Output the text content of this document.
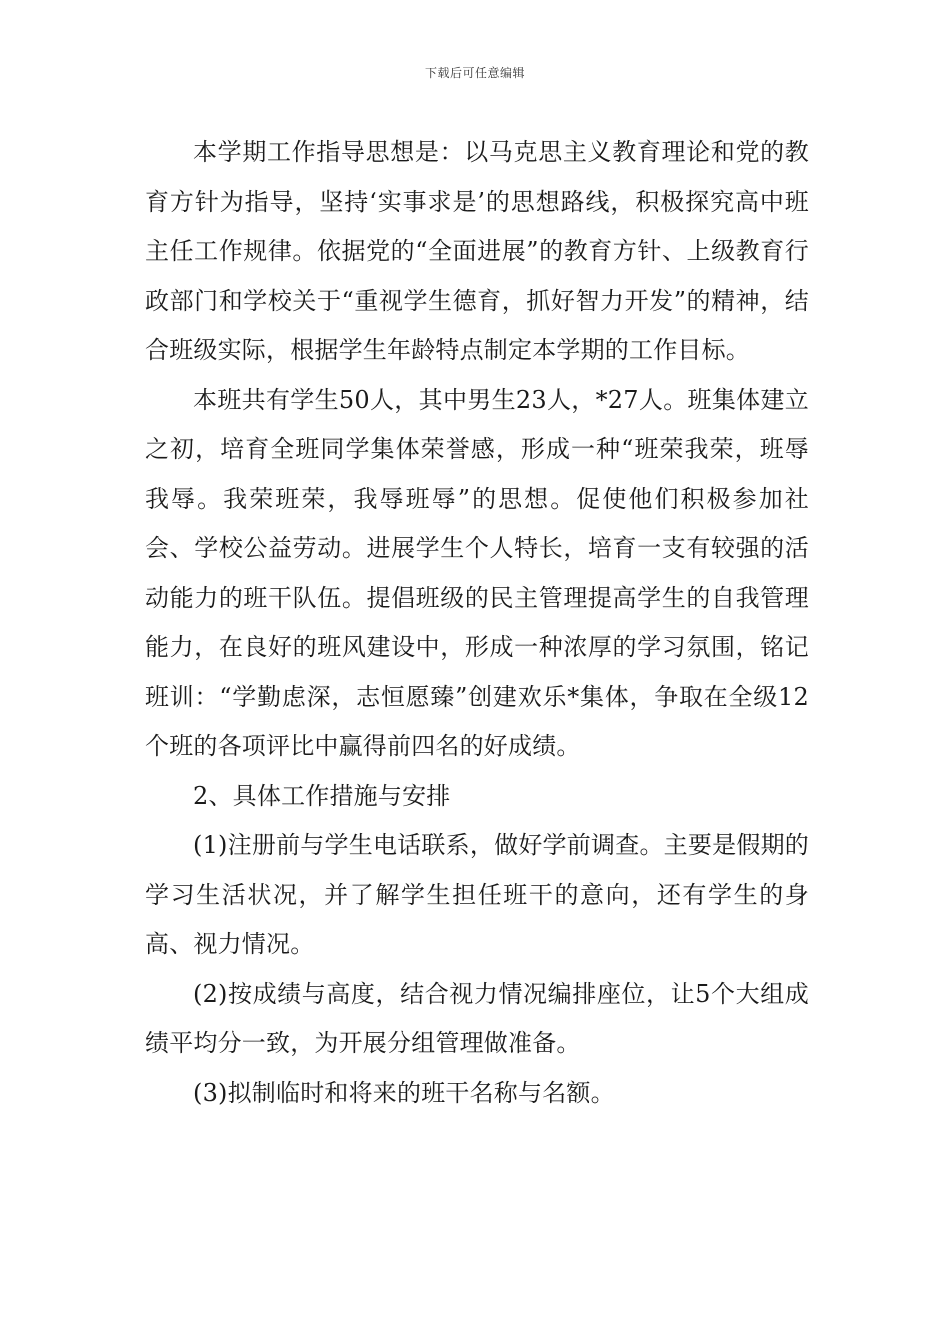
下载后可任意编辑

本学期工作指导思想是：以马克思主义教育理论和党的教育方针为指导，坚持‘实事求是’的思想路线，积极探究高中班主任工作规律。依据党的“全面进展”的教育方针、上级教育行政部门和学校关于“重视学生德育，抓好智力开发”的精神，结合班级实际，根据学生年龄特点制定本学期的工作目标。

本班共有学生50人，其中男生23人，*27人。班集体建立之初，培育全班同学集体荣誉感，形成一种“班荣我荣，班辱我辱。我荣班荣，我辱班辱”的思想。促使他们积极参加社会、学校公益劳动。进展学生个人特长，培育一支有较强的活动能力的班干队伍。提倡班级的民主管理提高学生的自我管理能力，在良好的班风建设中，形成一种浓厚的学习氛围，铭记班训：“学勤虑深，志恒愿臻”创建欢乐*集体，争取在全级12个班的各项评比中赢得前四名的好成绩。

2、具体工作措施与安排

(1)注册前与学生电话联系，做好学前调查。主要是假期的学习生活状况，并了解学生担任班干的意向，还有学生的身高、视力情况。

(2)按成绩与高度，结合视力情况编排座位，让5个大组成绩平均分一致，为开展分组管理做准备。

(3)拟制临时和将来的班干名称与名额。
